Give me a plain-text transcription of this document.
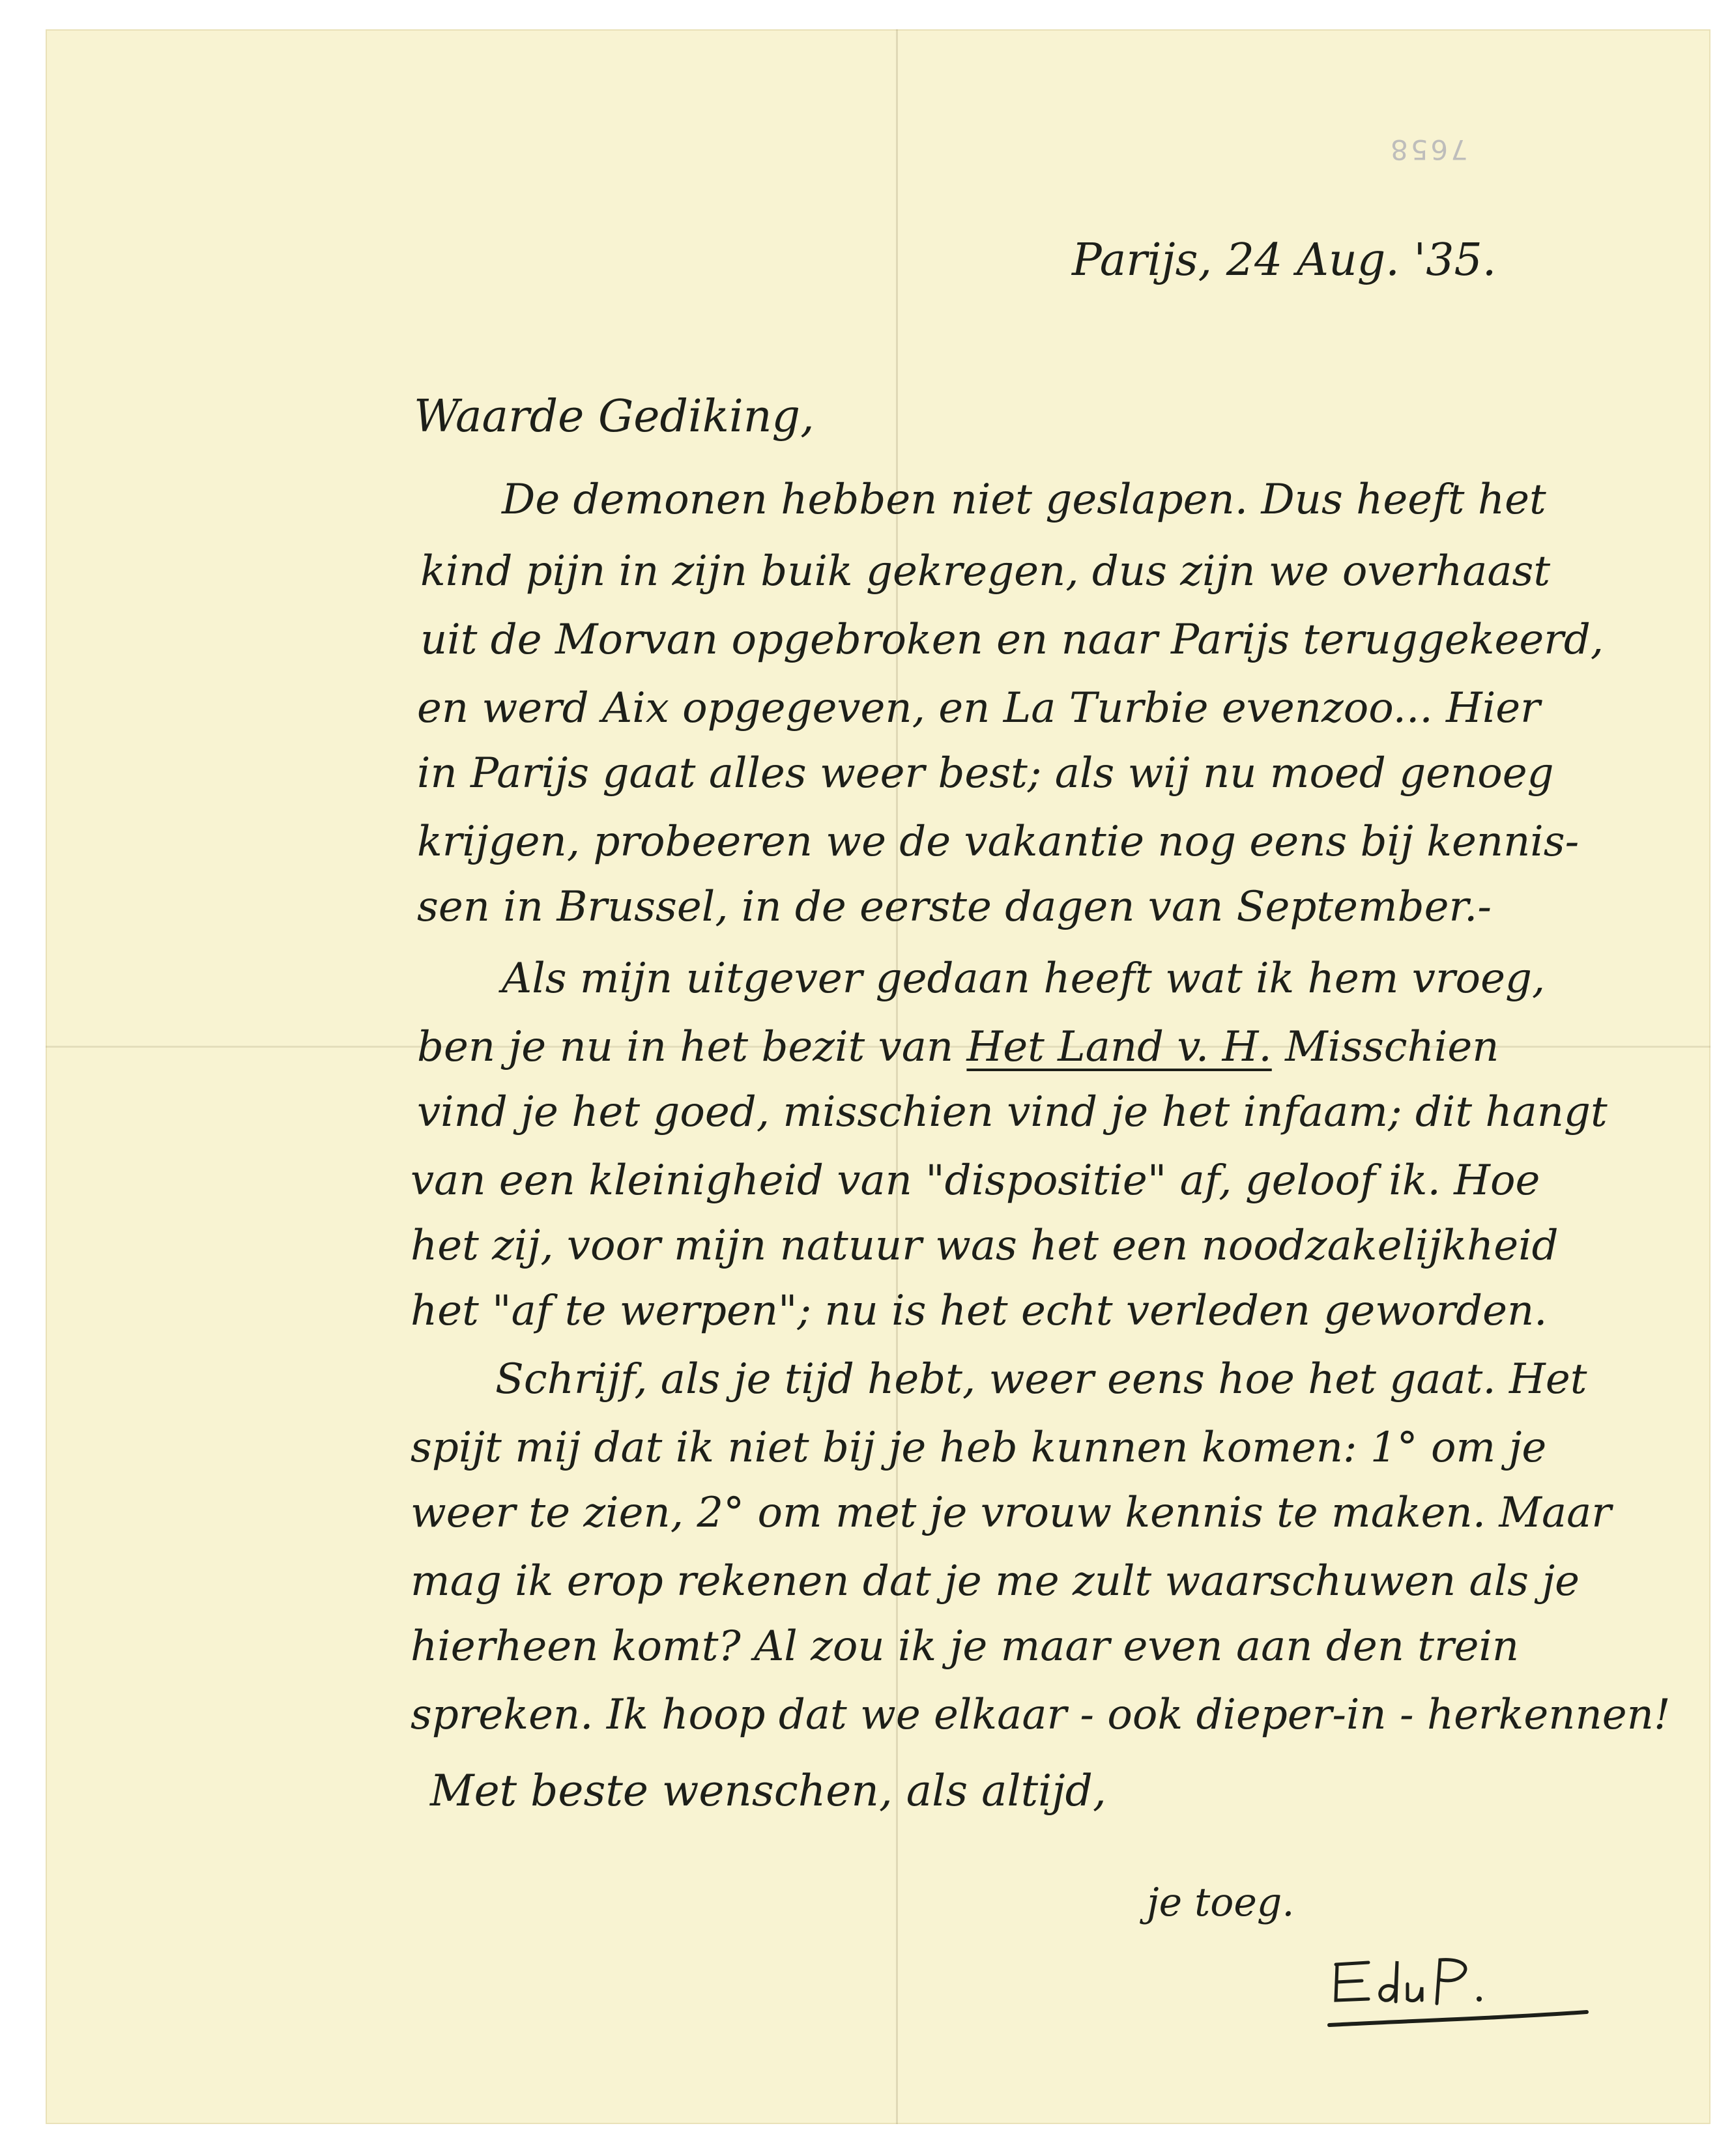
7658
Parijs, 24 Aug. '35.
Waarde Gediking,
De demonen hebben niet geslapen. Dus heeft het
kind pijn in zijn buik gekregen, dus zijn we overhaast
uit de Morvan opgebroken en naar Parijs teruggekeerd,
en werd Aix opgegeven, en La Turbie evenzoo... Hier
in Parijs gaat alles weer best; als wij nu moed genoeg
krijgen, probeeren we de vakantie nog eens bij kennis-
sen in Brussel, in de eerste dagen van September.-
Als mijn uitgever gedaan heeft wat ik hem vroeg,
ben je nu in het bezit van Het Land v. H. Misschien
vind je het goed, misschien vind je het infaam; dit hangt
van een kleinigheid van "dispositie" af, geloof ik. Hoe
het zij, voor mijn natuur was het een noodzakelijkheid
het "af te werpen"; nu is het echt verleden geworden.
Schrijf, als je tijd hebt, weer eens hoe het gaat. Het
spijt mij dat ik niet bij je heb kunnen komen: 1° om je
weer te zien, 2° om met je vrouw kennis te maken. Maar
mag ik erop rekenen dat je me zult waarschuwen als je
hierheen komt? Al zou ik je maar even aan den trein
spreken. Ik hoop dat we elkaar - ook dieper-in - herkennen!
Met beste wenschen, als altijd,
je toeg.
